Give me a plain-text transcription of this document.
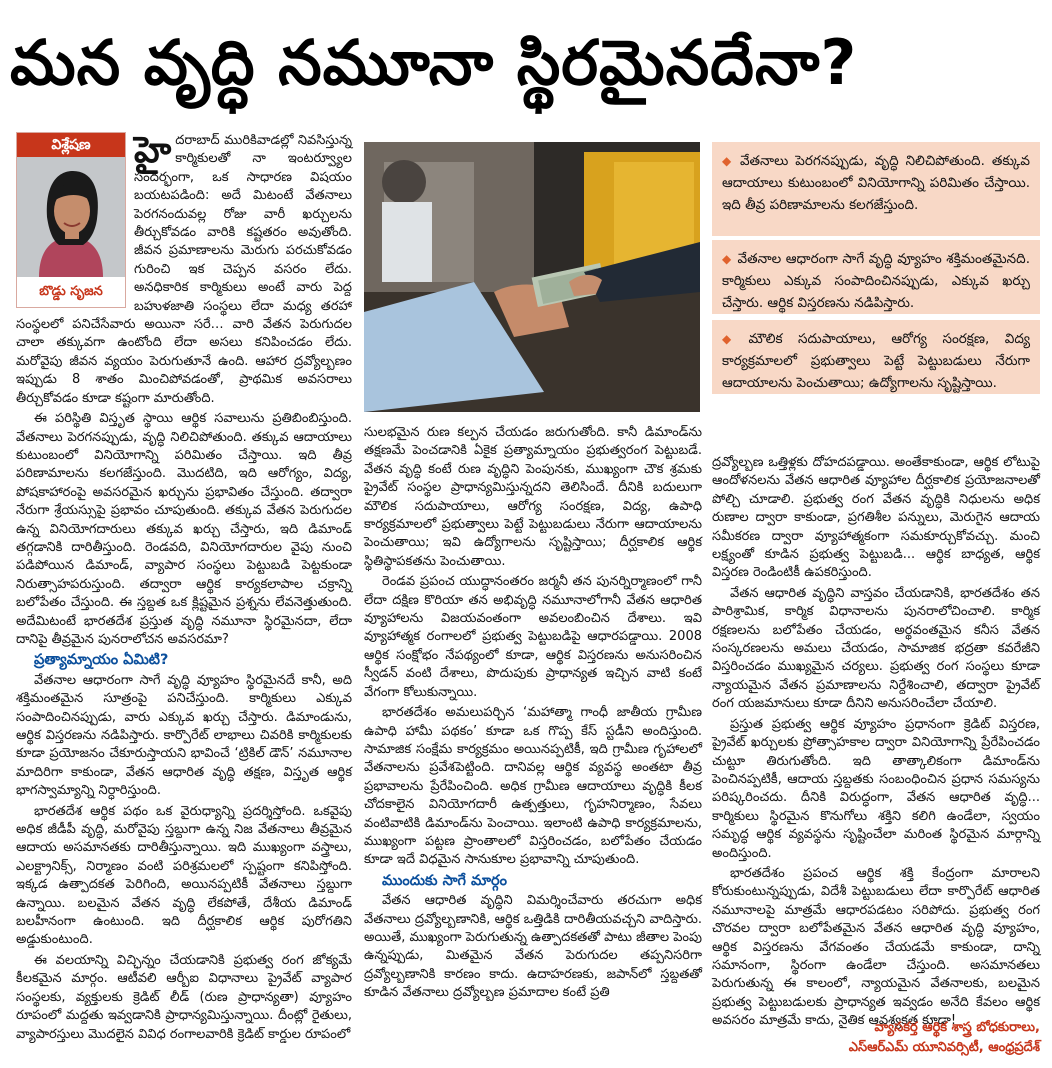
మన వృద్ధి నమూనా స్థిరమైనదేనా?
విశ్లేషణ
బొడ్డు సృజన

హైదరాబాద్ మురికివాడల్లో నివసిస్తున్న కార్మికులతో నా ఇంటర్వ్యూల సందర్భంగా, ఒక సాధారణ విషయం బయటపడింది: అదే మిటంటే వేతనాలు పెరగనందువల్ల రోజు వారీ ఖర్చులను తీర్చుకోవడం వారికి కష్టతరం అవుతోంది. జీవన ప్రమాణాలను మెరుగు పరచుకోవడం గురించి ఇక చెప్పన వసరం లేదు. అనధికారిక కార్మికులు అంటే వారు పెద్ద బహుళజాతి సంస్థలు లేదా మధ్య తరహా సంస్థలలో పనిచేసేవారు అయినా సరే… వారి వేతన పెరుగుదల చాలా తక్కువగా ఉంటోంది లేదా అసలు కనిపించడం లేదు. మరోవైపు జీవన వ్యయం పెరుగుతూనే ఉంది. ఆహార ద్రవ్యోల్బణం ఇప్పుడు 8 శాతం మించిపోవడంతో, ప్రాథమిక అవసరాలు తీర్చుకోవడం కూడా కష్టంగా మారుతోంది.

ఈ పరిస్థితి విస్తృత స్థాయి ఆర్థిక సవాలును ప్రతిబింబిస్తుంది. వేతనాలు పెరగనప్పుడు, వృద్ధి నిలిచిపోతుంది. తక్కువ ఆదాయాలు కుటుంబంలో వినియోగాన్ని పరిమితం చేస్తాయి. ఇది తీవ్ర పరిణామాలను కలగజేస్తుంది. మొదటిది, ఇది ఆరోగ్యం, విద్య, పోషకాహారంపై అవసరమైన ఖర్చును ప్రభావితం చేస్తుంది. తద్వారా నేరుగా శ్రేయస్సుపై ప్రభావం చూపుతుంది. తక్కువ వేతన పెరుగుదల ఉన్న వినియోగదారులు తక్కువ ఖర్చు చేస్తారు, ఇది డిమాండ్ తగ్గడానికి దారితీస్తుంది. రెండవది, వినియోగదారుల వైపు నుంచి పడిపోయిన డిమాండ్, వ్యాపార సంస్థలు పెట్టుబడి పెట్టకుండా నిరుత్సాహపరుస్తుంది. తద్వారా ఆర్థిక కార్యకలాపాల చక్రాన్ని బలోపేతం చేస్తుంది. ఈ స్తబ్దత ఒక క్లిష్టమైన ప్రశ్నను లేవనెత్తుతుంది. అదేమిటంటే భారతదేశ ప్రస్తుత వృద్ధి నమూనా స్థిరమైనదా, లేదా దానిపై తీవ్రమైన పునరాలోచన అవసరమా?

ప్రత్యామ్నాయం ఏమిటి?

వేతనాల ఆధారంగా సాగే వృద్ధి వ్యూహం స్థిరమైనదే కానీ, అది శక్తిమంతమైన సూత్రంపై పనిచేస్తుంది. కార్మికులు ఎక్కువ సంపాదించినప్పుడు, వారు ఎక్కువ ఖర్చు చేస్తారు. డిమాండును, ఆర్థిక విస్తరణను నడిపిస్తారు. కార్పొరేట్ లాభాలు చివరికి కార్మికులకు కూడా ప్రయోజనం చేకూరుస్తాయని భావించే ‘ట్రికిల్ డౌన్’ నమూనాల మాదిరిగా కాకుండా, వేతన ఆధారిత వృద్ధి తక్షణ, విస్తృత ఆర్థిక భాగస్వామ్యాన్ని నిర్ధారిస్తుంది.

భారతదేశ ఆర్థిక పథం ఒక వైరుధ్యాన్ని ప్రదర్శిస్తోంది. ఒకవైపు అధిక జీడీపీ వృద్ధి, మరోవైపు స్తబ్దుగా ఉన్న నిజ వేతనాలు తీవ్రమైన ఆదాయ అసమానతకు దారితీస్తున్నాయి. ఇది ముఖ్యంగా వస్త్రాలు, ఎలక్ట్రానిక్స్, నిర్మాణం వంటి పరిశ్రమలలో స్పష్టంగా కనిపిస్తోంది. ఇక్కడ ఉత్పాదకత పెరిగింది, అయినప్పటికీ వేతనాలు స్తబ్దుగా ఉన్నాయి. బలమైన వేతన వృద్ధి లేకపోతే, దేశీయ డిమాండ్ బలహీనంగా ఉంటుంది. ఇది దీర్ఘకాలిక ఆర్థిక పురోగతిని అడ్డుకుంటుంది.

ఈ వలయాన్ని విచ్ఛిన్నం చేయడానికి ప్రభుత్వ రంగ జోక్యమే కీలకమైన మార్గం. ఆటీవలి ఆర్బీఐ విధానాలు ప్రైవేట్ వ్యాపార సంస్థలకు, వ్యక్తులకు క్రెడిట్ లీడ్ (రుణ ప్రాధాన్యతా) వ్యూహం రూపంలో మద్దతు ఇవ్వడానికి ప్రాధాన్యమిస్తున్నాయి. దీంట్లో రైతులు, వ్యాపారస్తులు మొదలైన వివిధ రంగాలవారికి క్రెడిట్ కార్డుల రూపంలో

◆ వేతనాలు పెరగనప్పుడు, వృద్ధి నిలిచిపోతుంది. తక్కువ ఆదాయాలు కుటుంబంలో వినియోగాన్ని పరిమితం చేస్తాయి. ఇది తీవ్ర పరిణామాలను కలగజేస్తుంది.
◆ వేతనాల ఆధారంగా సాగే వృద్ధి వ్యూహం శక్తిమంతమైనది. కార్మికులు ఎక్కువ సంపాదించినప్పుడు, ఎక్కువ ఖర్చు చేస్తారు. ఆర్థిక విస్తరణను నడిపిస్తారు.
◆ మౌలిక సదుపాయాలు, ఆరోగ్య సంరక్షణ, విద్య కార్యక్రమాలలో ప్రభుత్వాలు పెట్టే పెట్టుబడులు నేరుగా ఆదాయాలను పెంచుతాయి; ఉద్యోగాలను సృష్టిస్తాయి.

సులభమైన రుణ కల్పన చేయడం జరుగుతోంది. కానీ డిమాండ్‌ను తక్షణమే పెంచడానికి ఏకైక ప్రత్యామ్నాయం ప్రభుత్వరంగ పెట్టుబడే. వేతన వృద్ధి కంటే రుణ వృద్ధిని పెంపునకు, ముఖ్యంగా చౌక శ్రమకు ప్రైవేట్ సంస్థల ప్రాధాన్యమిస్తున్నదని తెలిసిందే. దీనికి బదులుగా మౌలిక సదుపాయాలు, ఆరోగ్య సంరక్షణ, విద్య, ఉపాధి కార్యక్రమాలలో ప్రభుత్వాలు పెట్టే పెట్టుబడులు నేరుగా ఆదాయాలను పెంచుతాయి; ఇవి ఉద్యోగాలను సృష్టిస్తాయి; దీర్ఘకాలిక ఆర్థిక స్థితిస్థాపకతను పెంచుతాయి.

రెండవ ప్రపంచ యుద్ధానంతరం జర్మనీ తన పునర్నిర్మాణంలో గానీ లేదా దక్షిణ కొరియా తన అభివృద్ధి నమూనాలోగానీ వేతన ఆధారిత వ్యూహాలను విజయవంతంగా అవలంబించిన దేశాలు. ఇవి వ్యూహాత్మక రంగాలలో ప్రభుత్వ పెట్టుబడిపై ఆధారపడ్డాయి. 2008 ఆర్థిక సంక్షోభం నేపథ్యంలో కూడా, ఆర్థిక విస్తరణను అనుసరించిన స్వీడన్ వంటి దేశాలు, పొదుపుకు ప్రాధాన్యత ఇచ్చిన వాటి కంటే వేగంగా కోలుకున్నాయి.

భారతదేశం అమలుపర్చిన ‘మహాత్మా గాంధీ జాతీయ గ్రామీణ ఉపాధి హామీ పథకం’ కూడా ఒక గొప్ప కేస్ స్టడీని అందిస్తుంది. సామాజిక సంక్షేమ కార్యక్రమం అయినప్పటికీ, ఇది గ్రామీణ గృహాలలో వేతనాలను ప్రవేశపెట్టింది. దానివల్ల ఆర్థిక వ్యవస్థ అంతటా తీవ్ర ప్రభావాలను ప్రేరేపించింది. అధిక గ్రామీణ ఆదాయాలు వృద్ధికి కీలక చోదకాలైన వినియోగదారీ ఉత్పత్తులు, గృహనిర్మాణం, సేవలు వంటివాటికి డిమాండ్‌ను పెంచాయి. ఇలాంటి ఉపాధి కార్యక్రమాలను, ముఖ్యంగా పట్టణ ప్రాంతాలలో విస్తరించడం, బలోపేతం చేయడం కూడా ఇదే విధమైన సానుకూల ప్రభావాన్ని చూపుతుంది.

ముందుకు సాగే మార్గం

వేతన ఆధారిత వృద్ధిని విమర్శించేవారు తరచుగా అధిక వేతనాలు ద్రవ్యోల్బణానికి, ఆర్థిక ఒత్తిడికి దారితీయవచ్చని వాదిస్తారు. అయితే, ముఖ్యంగా పెరుగుతున్న ఉత్పాదకతతో పాటు జీతాల పెంపు ఉన్నప్పుడు, మితమైన వేతన పెరుగుదల తప్పనిసరిగా ద్రవ్యోల్బణానికి కారణం కాదు. ఉదాహరణకు, జపాన్‌లో స్తబ్దతతో కూడిన వేతనాలు ద్రవ్యోల్బణ ప్రమాదాల కంటే ప్రతి

ద్రవ్యోల్బణ ఒత్తిళ్లకు దోహదపడ్డాయి. అంతేకాకుండా, ఆర్థిక లోటుపై ఆందోళనలను వేతన ఆధారిత వ్యూహాల దీర్ఘకాలిక ప్రయోజనాలతో పోల్చి చూడాలి. ప్రభుత్వ రంగ వేతన వృద్ధికి నిధులను అధిక రుణాల ద్వారా కాకుండా, ప్రగతిశీల పన్నులు, మెరుగైన ఆదాయ సమీకరణ ద్వారా వ్యూహాత్మకంగా సమకూర్చుకోవచ్చు. మంచి లక్ష్యంతో కూడిన ప్రభుత్వ పెట్టుబడి... ఆర్థిక బాధ్యత, ఆర్థిక విస్తరణ రెండింటికీ ఉపకరిస్తుంది.

వేతన ఆధారిత వృద్ధిని వాస్తవం చేయడానికి, భారతదేశం తన పారిశ్రామిక, కార్మిక విధానాలను పునరాలోచించాలి. కార్మిక రక్షణలను బలోపేతం చేయడం, అర్థవంతమైన కనీస వేతన సంస్కరణలను అమలు చేయడం, సామాజిక భద్రతా కవరేజీని విస్తరించడం ముఖ్యమైన చర్యలు. ప్రభుత్వ రంగ సంస్థలు కూడా న్యాయమైన వేతన ప్రమాణాలను నిర్దేశించాలి, తద్వారా ప్రైవేట్ రంగ యజమానులు కూడా దీనిని అనుసరించేలా చేయాలి.

ప్రస్తుత ప్రభుత్వ ఆర్థిక వ్యూహం ప్రధానంగా క్రెడిట్ విస్తరణ, ప్రైవేట్ ఖర్చులకు ప్రోత్సాహకాల ద్వారా వినియోగాన్ని ప్రేరేపించడం చుట్టూ తిరుగుతోంది. ఇది తాత్కాలికంగా డిమాండ్‌ను పెంచినప్పటికీ, ఆదాయ స్తబ్దతకు సంబంధించిన ప్రధాన సమస్యను పరిష్కరించదు. దీనికి విరుద్ధంగా, వేతన ఆధారిత వృద్ధి... కార్మికులు స్థిరమైన కొనుగోలు శక్తిని కలిగి ఉండేలా, స్వయం సమృద్ధ ఆర్థిక వ్యవస్థను సృష్టించేలా మరింత స్థిరమైన మార్గాన్ని అందిస్తుంది.

భారతదేశం ప్రపంచ ఆర్థిక శక్తి కేంద్రంగా మారాలని కోరుకుంటున్నప్పుడు, విదేశీ పెట్టుబడులు లేదా కార్పొరేట్ ఆధారిత నమూనాలపై మాత్రమే ఆధారపడటం సరిపోదు. ప్రభుత్వ రంగ చొరవల ద్వారా బలోపేతమైన వేతన ఆధారిత వృద్ధి వ్యూహం, ఆర్థిక విస్తరణను వేగవంతం చేయడమే కాకుండా, దాన్ని సమానంగా, స్థిరంగా ఉండేలా చేస్తుంది. అసమానతలు పెరుగుతున్న ఈ కాలంలో, న్యాయమైన వేతనాలకు, బలమైన ప్రభుత్వ పెట్టుబడులకు ప్రాధాన్యత ఇవ్వడం అనేది కేవలం ఆర్థిక అవసరం మాత్రమే కాదు, నైతిక ఆవశ్యకత కూడా!

వ్యాసకర్త ఆర్థిక శాస్త్ర బోధకురాలు,
ఎస్‌ఆర్ఎమ్ యూనివర్సిటీ, ఆంధ్రప్రదేశ్
